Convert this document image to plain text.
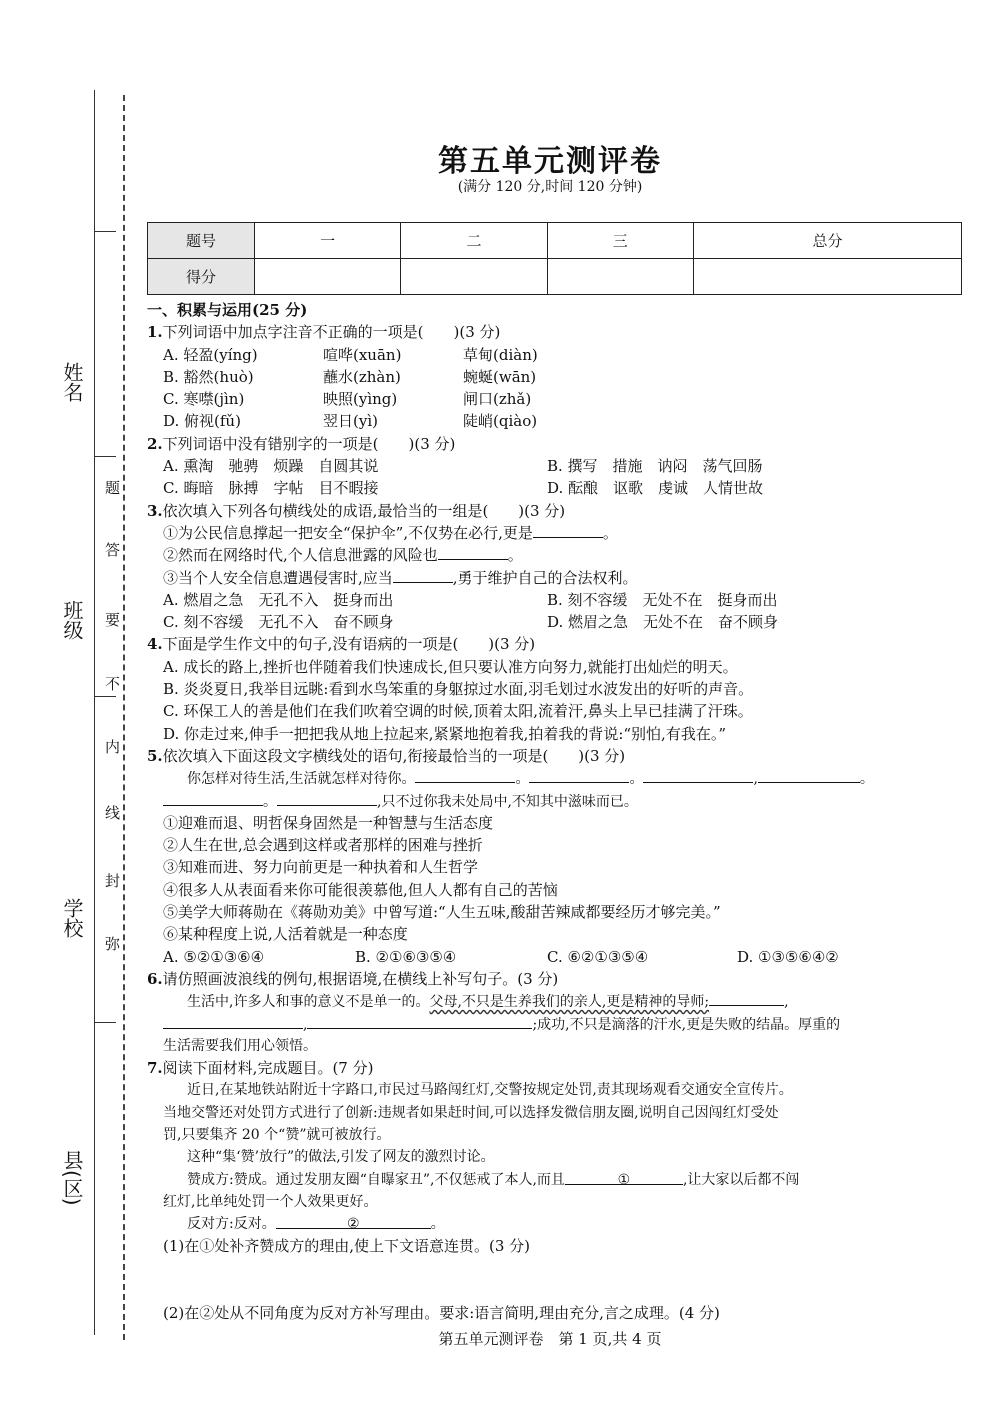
姓名
班级
学校
县(区)
题
答
要
不
内
线
封
弥
第五单元测评卷
(满分 120 分,时间 120 分钟)
题号	一	二	三	总分
得分				
一、积累与运用(25 分)
1.下列词语中加点字注音不正确的一项是(　　)(3 分)
A. 轻盈(yíng)	喧哗(xuān)	草甸(diàn)
B. 豁然(huò)	蘸水(zhàn)	蜿蜒(wān)
C. 寒噤(jìn)	映照(yìng)	闸口(zhǎ)
D. 俯视(fǔ)	翌日(yì)	陡峭(qiào)
2.下列词语中没有错别字的一项是(　　)(3 分)
A. 熏淘　驰骋　烦躁　自圆其说	B. 撰写　措施　讷闷　荡气回肠
C. 晦暗　脉搏　字帖　目不暇接	D. 酝酿　讴歌　虔诚　人情世故
3.依次填入下列各句横线处的成语,最恰当的一组是(　　)(3 分)
①为公民信息撑起一把安全“保护伞”,不仅势在必行,更是	。
②然而在网络时代,个人信息泄露的风险也	。
③当个人安全信息遭遇侵害时,应当	,勇于维护自己的合法权利。
A. 燃眉之急　无孔不入　挺身而出	B. 刻不容缓　无处不在　挺身而出
C. 刻不容缓　无孔不入　奋不顾身	D. 燃眉之急　无处不在　奋不顾身
4.下面是学生作文中的句子,没有语病的一项是(　　)(3 分)
A. 成长的路上,挫折也伴随着我们快速成长,但只要认准方向努力,就能打出灿烂的明天。
B. 炎炎夏日,我举目远眺:看到水鸟笨重的身躯掠过水面,羽毛划过水波发出的好听的声音。
C. 环保工人的善是他们在我们吹着空调的时候,顶着太阳,流着汗,鼻头上早已挂满了汗珠。
D. 你走过来,伸手一把把我从地上拉起来,紧紧地抱着我,拍着我的背说:“别怕,有我在。”
5.依次填入下面这段文字横线处的语句,衔接最恰当的一项是(　　)(3 分)
你怎样对待生活,生活就怎样对待你。	。	。	,	。
。	,只不过你我未处局中,不知其中滋味而已。
①迎难而退、明哲保身固然是一种智慧与生活态度
②人生在世,总会遇到这样或者那样的困难与挫折
③知难而进、努力向前更是一种执着和人生哲学
④很多人从表面看来你可能很羡慕他,但人人都有自己的苦恼
⑤美学大师蒋勋在《蒋勋劝美》中曾写道:“人生五味,酸甜苦辣咸都要经历才够完美。”
⑥某种程度上说,人活着就是一种态度
A. ⑤②①③⑥④	B. ②①⑥③⑤④	C. ⑥②①③⑤④	D. ①③⑤⑥④②
6.请仿照画波浪线的例句,根据语境,在横线上补写句子。(3 分)
生活中,许多人和事的意义不是单一的。父母,不只是生养我们的亲人,更是精神的导师;	,
,	;成功,不只是滴落的汗水,更是失败的结晶。厚重的
生活需要我们用心领悟。
7.阅读下面材料,完成题目。(7 分)
近日,在某地铁站附近十字路口,市民过马路闯红灯,交警按规定处罚,责其现场观看交通安全宣传片。
当地交警还对处罚方式进行了创新:违规者如果赶时间,可以选择发微信朋友圈,说明自己因闯红灯受处
罚,只要集齐 20 个“赞”就可被放行。
这种“集‘赞’放行”的做法,引发了网友的激烈讨论。
赞成方:赞成。通过发朋友圈“自曝家丑”,不仅惩戒了本人,而且	①	,让大家以后都不闯
红灯,比单纯处罚一个人效果更好。
反对方:反对。	②	。
(1)在①处补齐赞成方的理由,使上下文语意连贯。(3 分)
(2)在②处从不同角度为反对方补写理由。要求:语言简明,理由充分,言之成理。(4 分)
第五单元测评卷　第 1 页,共 4 页
